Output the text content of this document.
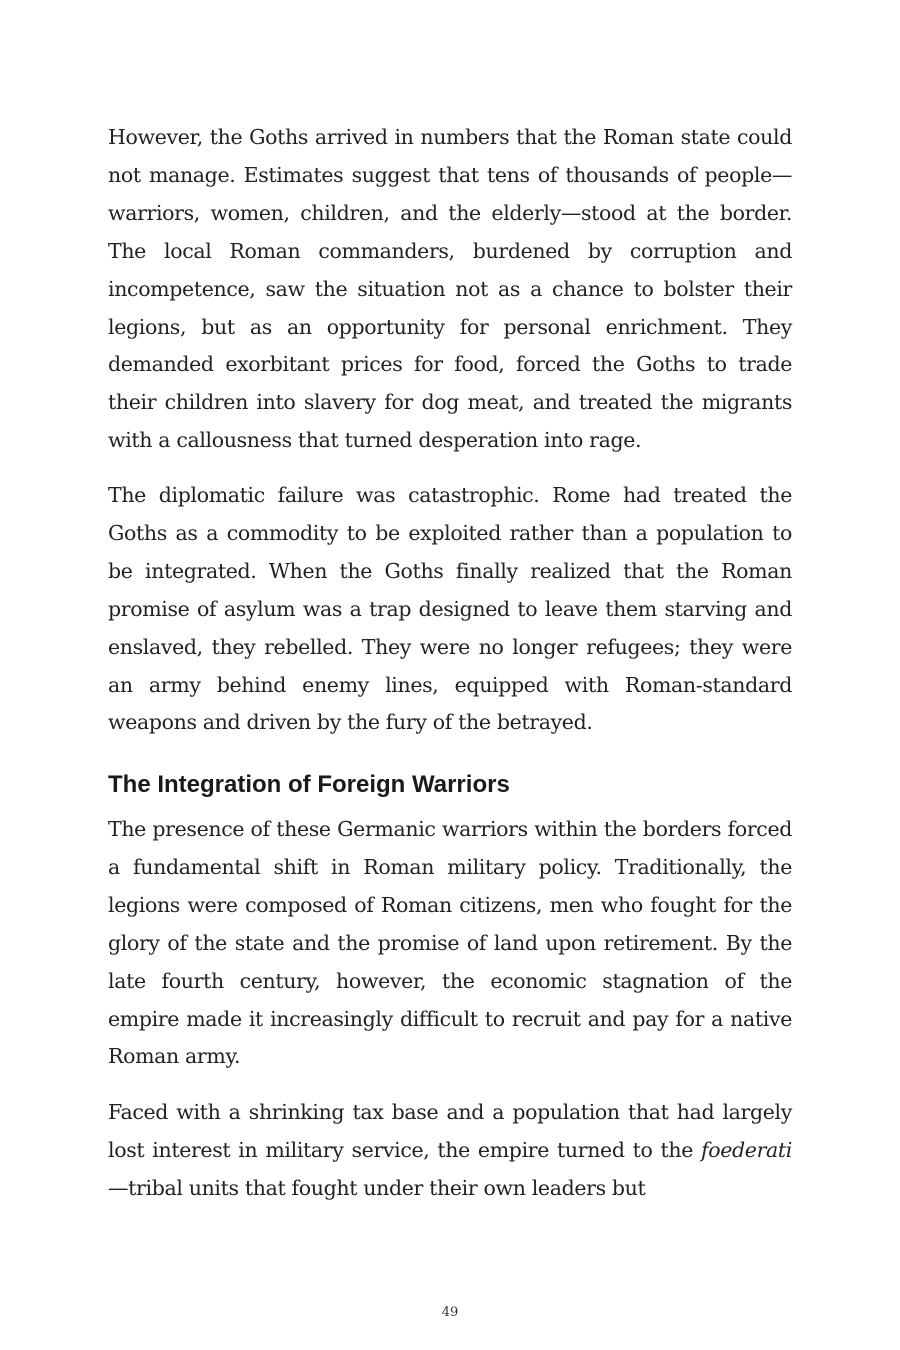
However, the Goths arrived in numbers that the Roman state could not manage. Estimates suggest that tens of thousands of people—warriors, women, children, and the elderly—stood at the border. The local Roman commanders, burdened by corruption and incompetence, saw the situation not as a chance to bolster their legions, but as an opportunity for personal enrichment. They demanded exorbitant prices for food, forced the Goths to trade their children into slavery for dog meat, and treated the migrants with a callousness that turned desperation into rage.

The diplomatic failure was catastrophic. Rome had treated the Goths as a commodity to be exploited rather than a population to be integrated. When the Goths finally realized that the Roman promise of asylum was a trap designed to leave them starving and enslaved, they rebelled. They were no longer refugees; they were an army behind enemy lines, equipped with Roman-standard weapons and driven by the fury of the betrayed.

The Integration of Foreign Warriors

The presence of these Germanic warriors within the borders forced a fundamental shift in Roman military policy. Traditionally, the legions were composed of Roman citizens, men who fought for the glory of the state and the promise of land upon retirement. By the late fourth century, however, the economic stagnation of the empire made it increasingly difficult to recruit and pay for a native Roman army.

Faced with a shrinking tax base and a population that had largely lost interest in military service, the empire turned to the foederati—tribal units that fought under their own leaders but

49
